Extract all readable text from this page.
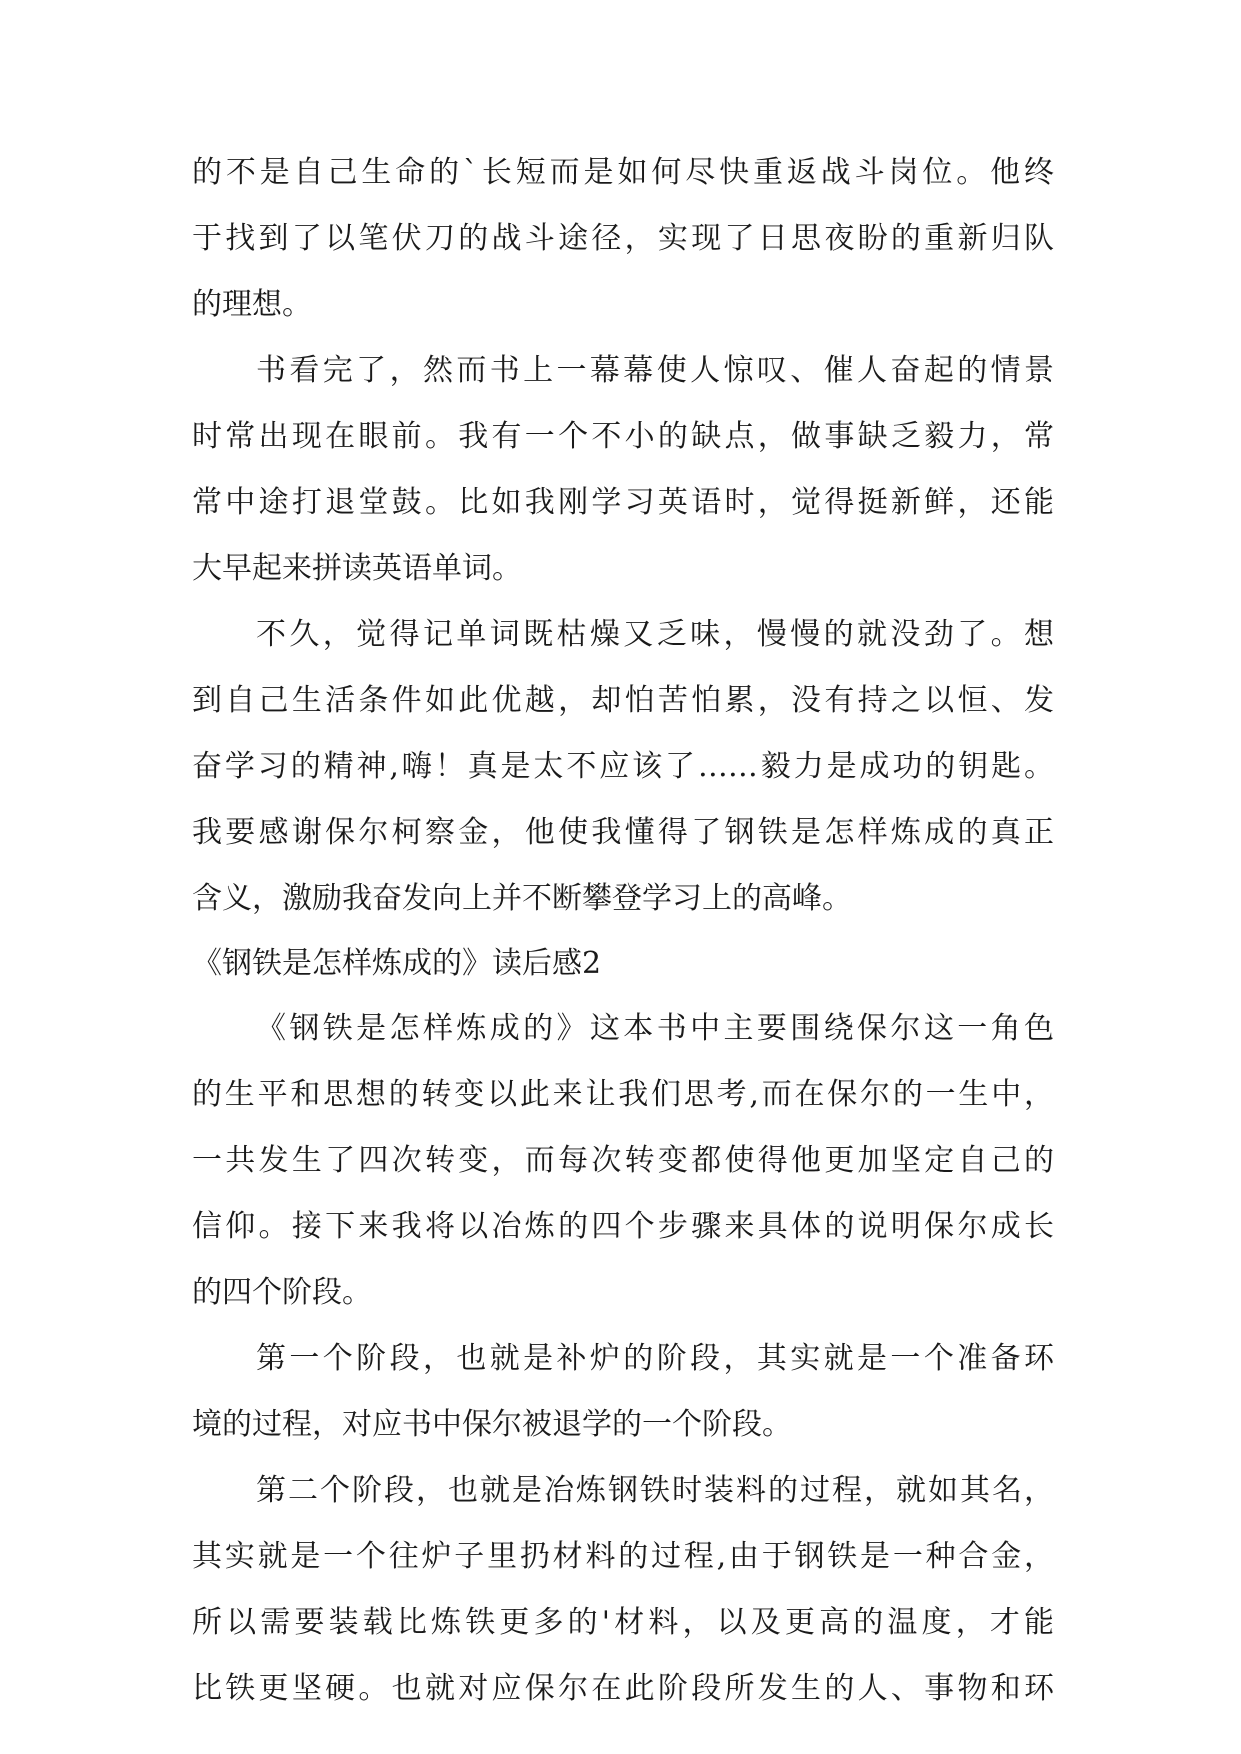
的不是自己生命的`长短而是如何尽快重返战斗岗位。他终
于找到了以笔伏刀的战斗途径，实现了日思夜盼的重新归队
的理想。
书看完了，然而书上一幕幕使人惊叹、催人奋起的情景
时常出现在眼前。我有一个不小的缺点，做事缺乏毅力，常
常中途打退堂鼓。比如我刚学习英语时，觉得挺新鲜，还能
大早起来拼读英语单词。
不久，觉得记单词既枯燥又乏味，慢慢的就没劲了。想
到自己生活条件如此优越，却怕苦怕累，没有持之以恒、发
奋学习的精神,嗨！真是太不应该了……毅力是成功的钥匙。
我要感谢保尔柯察金，他使我懂得了钢铁是怎样炼成的真正
含义，激励我奋发向上并不断攀登学习上的高峰。
《钢铁是怎样炼成的》读后感2
《钢铁是怎样炼成的》这本书中主要围绕保尔这一角色
的生平和思想的转变以此来让我们思考,而在保尔的一生中，
一共发生了四次转变，而每次转变都使得他更加坚定自己的
信仰。接下来我将以冶炼的四个步骤来具体的说明保尔成长
的四个阶段。
第一个阶段，也就是补炉的阶段，其实就是一个准备环
境的过程，对应书中保尔被退学的一个阶段。
第二个阶段，也就是冶炼钢铁时装料的过程，就如其名，
其实就是一个往炉子里扔材料的过程,由于钢铁是一种合金，
所以需要装载比炼铁更多的'材料，以及更高的温度，才能
比铁更坚硬。也就对应保尔在此阶段所发生的人、事物和环
